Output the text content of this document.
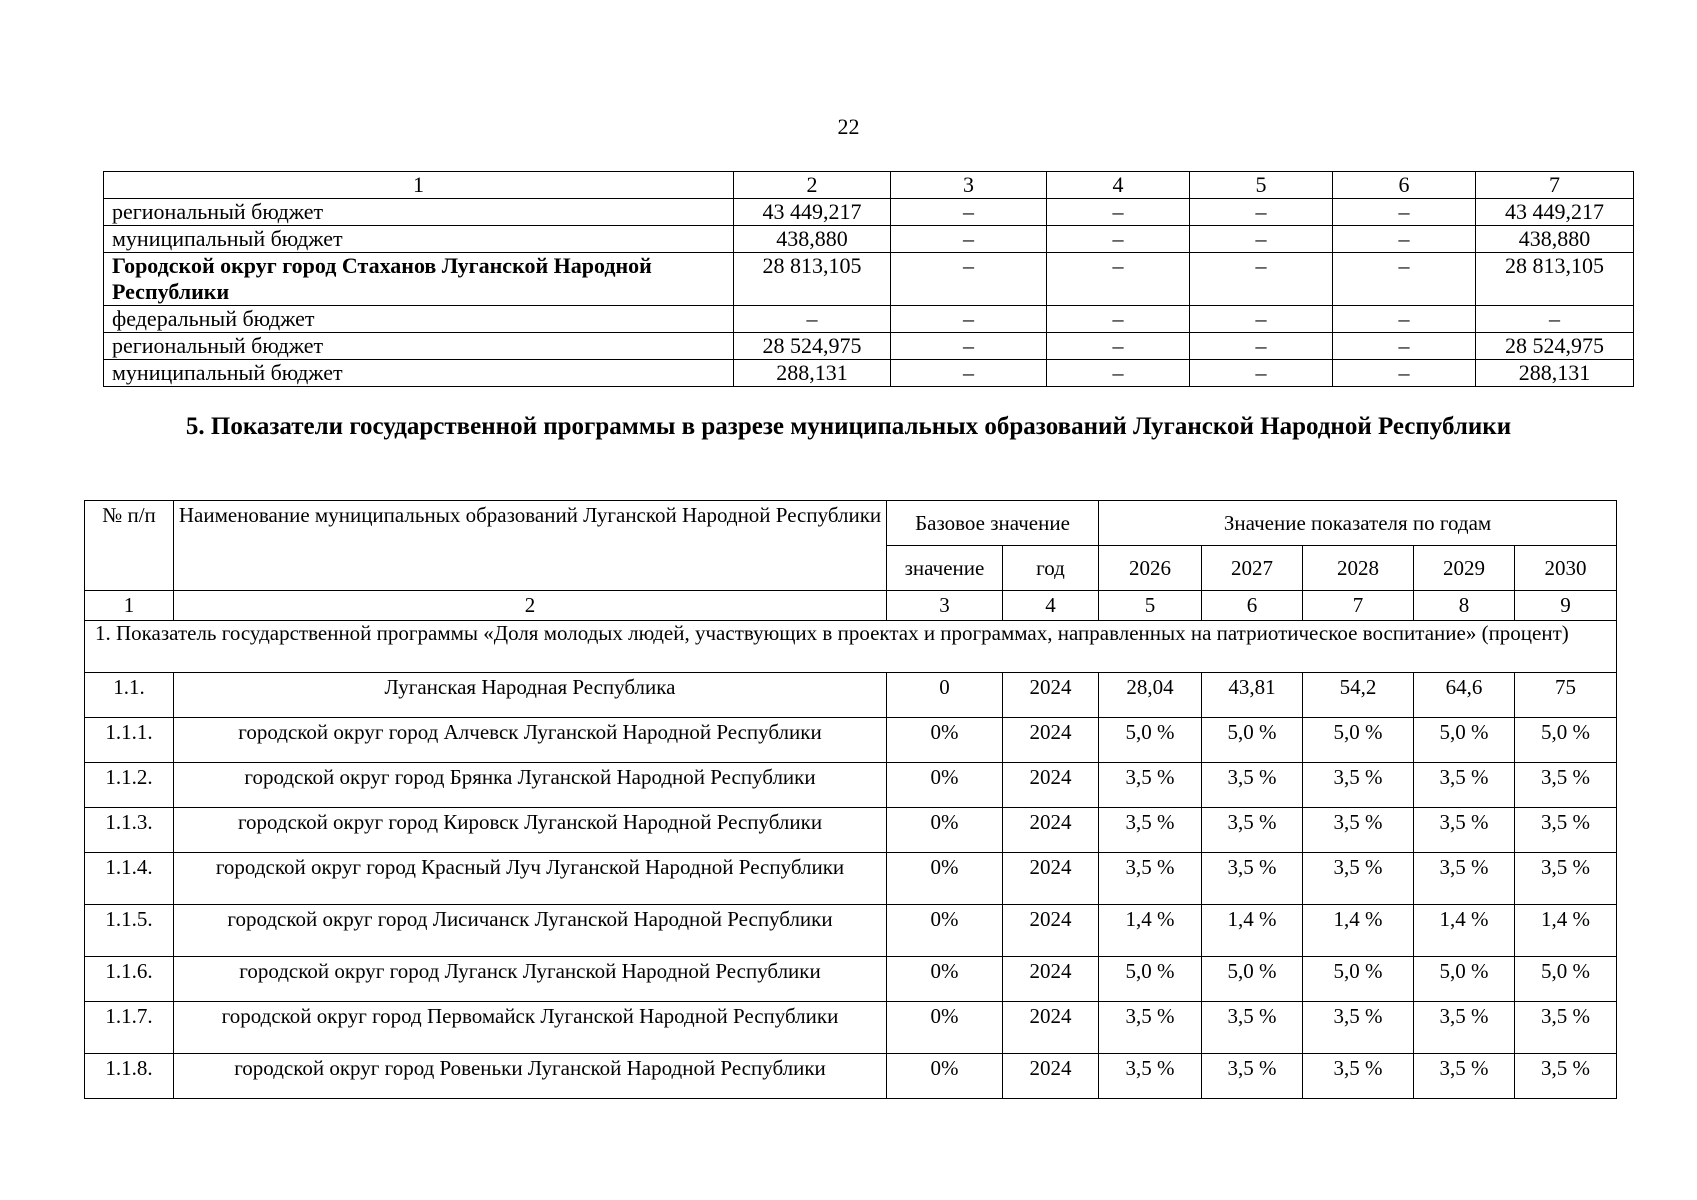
22
1	2	3	4	5	6	7
региональный бюджет	43 449,217	–	–	–	–	43 449,217
муниципальный бюджет	438,880	–	–	–	–	438,880
Городской округ город Стаханов Луганской Народной Республики	28 813,105	–	–	–	–	28 813,105
федеральный бюджет	–	–	–	–	–	–
региональный бюджет	28 524,975	–	–	–	–	28 524,975
муниципальный бюджет	288,131	–	–	–	–	288,131
5. Показатели государственной программы в разрезе муниципальных образований Луганской Народной Республики
№ п/п	Наименование муниципальных образований Луганской Народной Республики	Базовое значение		Значение показателя по годам				
		значение	год	2026	2027	2028	2029	2030
1	2	3	4	5	6	7	8	9
1. Показатель государственной программы «Доля молодых людей, участвующих в проектах и программах, направленных на патриотическое воспитание» (процент)								
1.1.	Луганская Народная Республика	0	2024	28,04	43,81	54,2	64,6	75
1.1.1.	городской округ город Алчевск Луганской Народной Республики	0%	2024	5,0 %	5,0 %	5,0 %	5,0 %	5,0 %
1.1.2.	городской округ город Брянка Луганской Народной Республики	0%	2024	3,5 %	3,5 %	3,5 %	3,5 %	3,5 %
1.1.3.	городской округ город Кировск Луганской Народной Республики	0%	2024	3,5 %	3,5 %	3,5 %	3,5 %	3,5 %
1.1.4.	городской округ город Красный Луч Луганской Народной Республики	0%	2024	3,5 %	3,5 %	3,5 %	3,5 %	3,5 %
1.1.5.	городской округ город Лисичанск Луганской Народной Республики	0%	2024	1,4 %	1,4 %	1,4 %	1,4 %	1,4 %
1.1.6.	городской округ город Луганск Луганской Народной Республики	0%	2024	5,0 %	5,0 %	5,0 %	5,0 %	5,0 %
1.1.7.	городской округ город Первомайск Луганской Народной Республики	0%	2024	3,5 %	3,5 %	3,5 %	3,5 %	3,5 %
1.1.8.	городской округ город Ровеньки Луганской Народной Республики	0%	2024	3,5 %	3,5 %	3,5 %	3,5 %	3,5 %
